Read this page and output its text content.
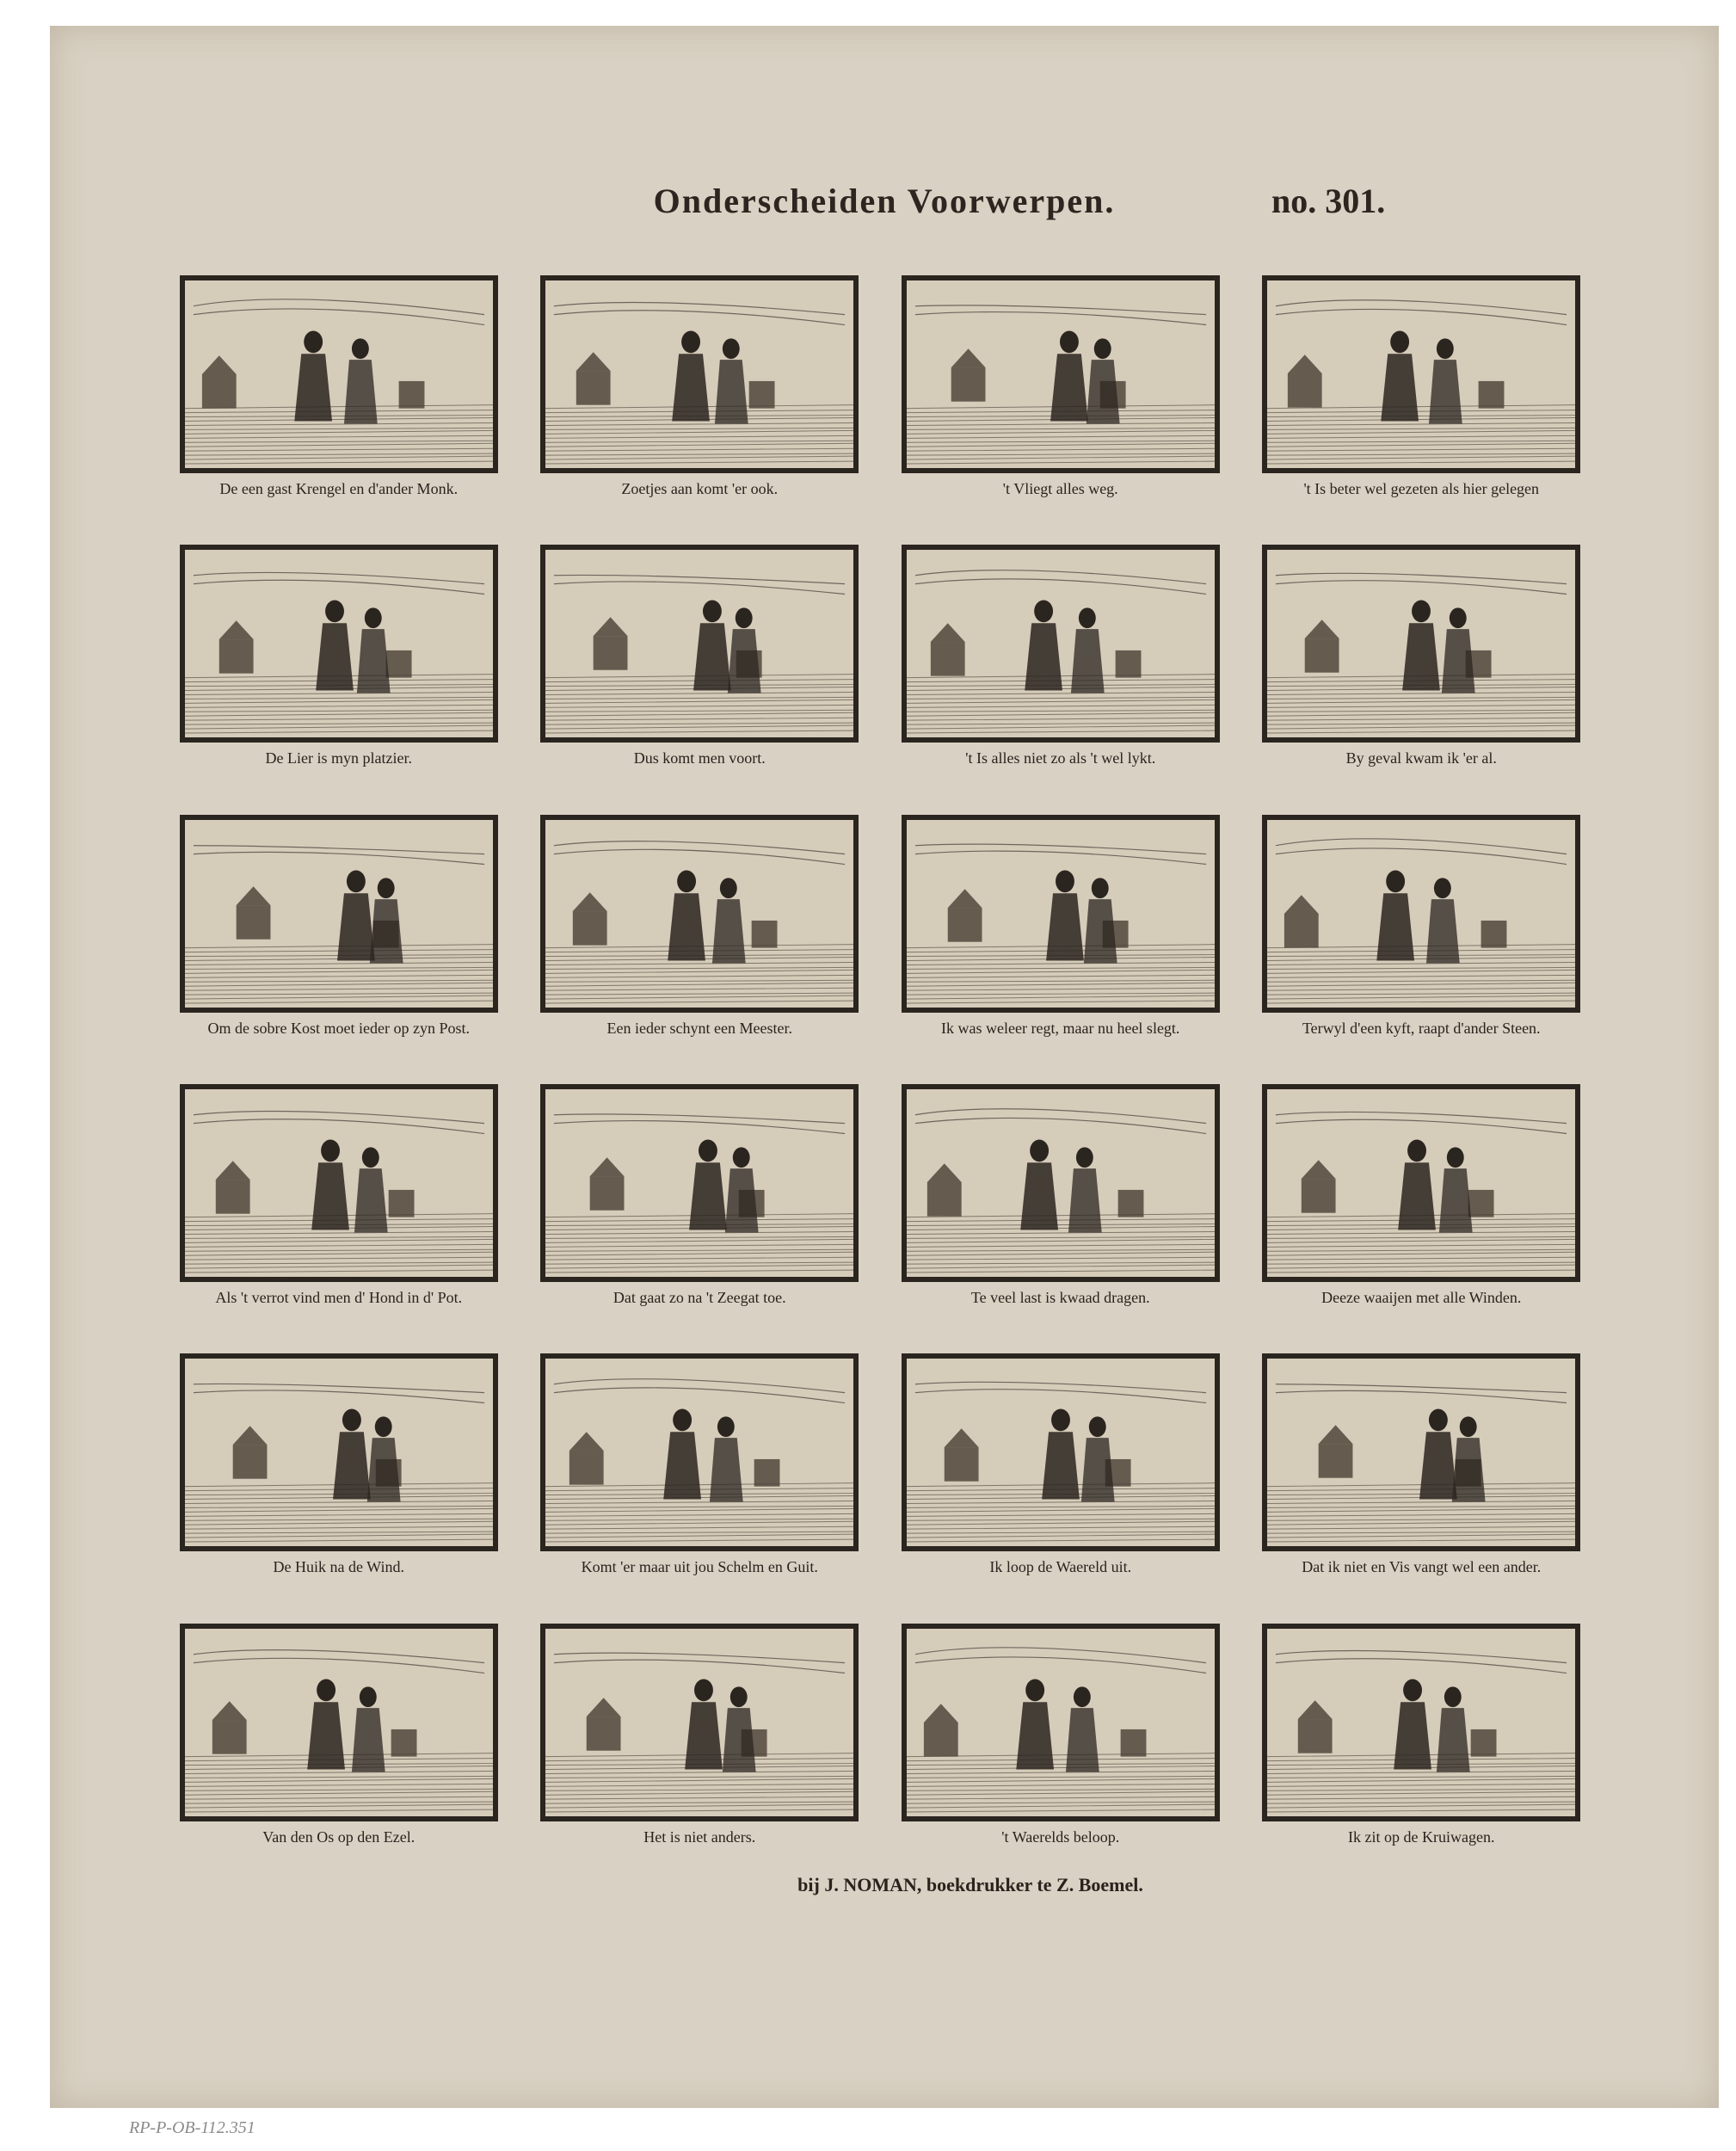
Onderscheiden Voorwerpen.	no. 301.
De een gast Krengel en d'ander Monk.	Zoetjes aan komt 'er ook.	't Vliegt alles weg.	't Is beter wel gezeten als hier gelegen
De Lier is myn platzier.	Dus komt men voort.	't Is alles niet zo als 't wel lykt.	By geval kwam ik 'er al.
Om de sobre Kost moet ieder op zyn Post.	Een ieder schynt een Meester.	Ik was weleer regt, maar nu heel slegt.	Terwyl d'een kyft, raapt d'ander Steen.
Als 't verrot vind men d' Hond in d' Pot.	Dat gaat zo na 't Zeegat toe.	Te veel last is kwaad dragen.	Deeze waaijen met alle Winden.
De Huik na de Wind.	Komt 'er maar uit jou Schelm en Guit.	Ik loop de Waereld uit.	Dat ik niet en Vis vangt wel een ander.
Van den Os op den Ezel.	Het is niet anders.	't Waerelds beloop.	Ik zit op de Kruiwagen.
bij J. NOMAN, boekdrukker te Z. Boemel.
RP-P-OB-112.351
